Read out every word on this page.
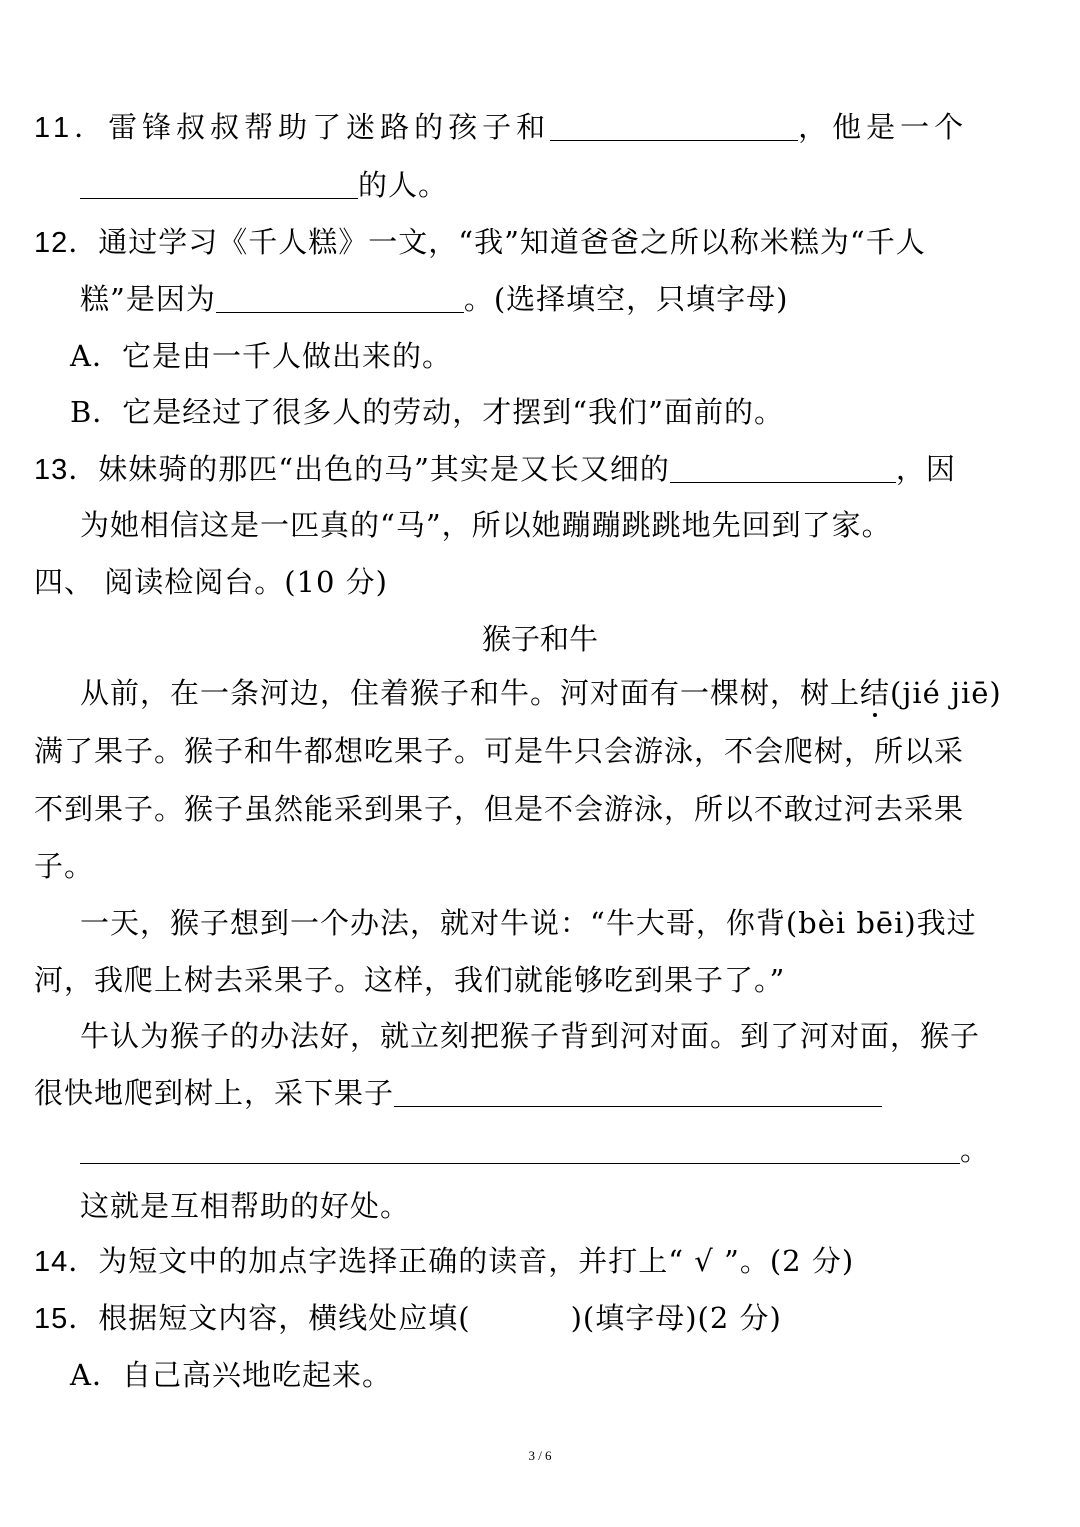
11．雷锋叔叔帮助了迷路的孩子和	，他是一个
的人。
12．通过学习《千人糕》一文，“我”知道爸爸之所以称米糕为“千人
糕”是因为	。(选择填空，只填字母)
A．它是由一千人做出来的。
B．它是经过了很多人的劳动，才摆到“我们”面前的。
13．妹妹骑的那匹“出色的马”其实是又长又细的	，因
为她相信这是一匹真的“马”，所以她蹦蹦跳跳地先回到了家。
四、 阅读检阅台。(10 分)
猴子和牛
从前，在一条河边，住着猴子和牛。河对面有一棵树，树上结(jié jiē)
满了果子。猴子和牛都想吃果子。可是牛只会游泳，不会爬树，所以采
不到果子。猴子虽然能采到果子，但是不会游泳，所以不敢过河去采果
子。
一天，猴子想到一个办法，就对牛说：“牛大哥，你背(bèi bēi)我过
河，我爬上树去采果子。这样，我们就能够吃到果子了。”
牛认为猴子的办法好，就立刻把猴子背到河对面。到了河对面，猴子
很快地爬到树上，采下果子
。
这就是互相帮助的好处。
14．为短文中的加点字选择正确的读音，并打上“ √ ”。(2 分)
15．根据短文内容，横线处应填(	)(填字母)(2 分)
A．自己高兴地吃起来。
3 / 6
